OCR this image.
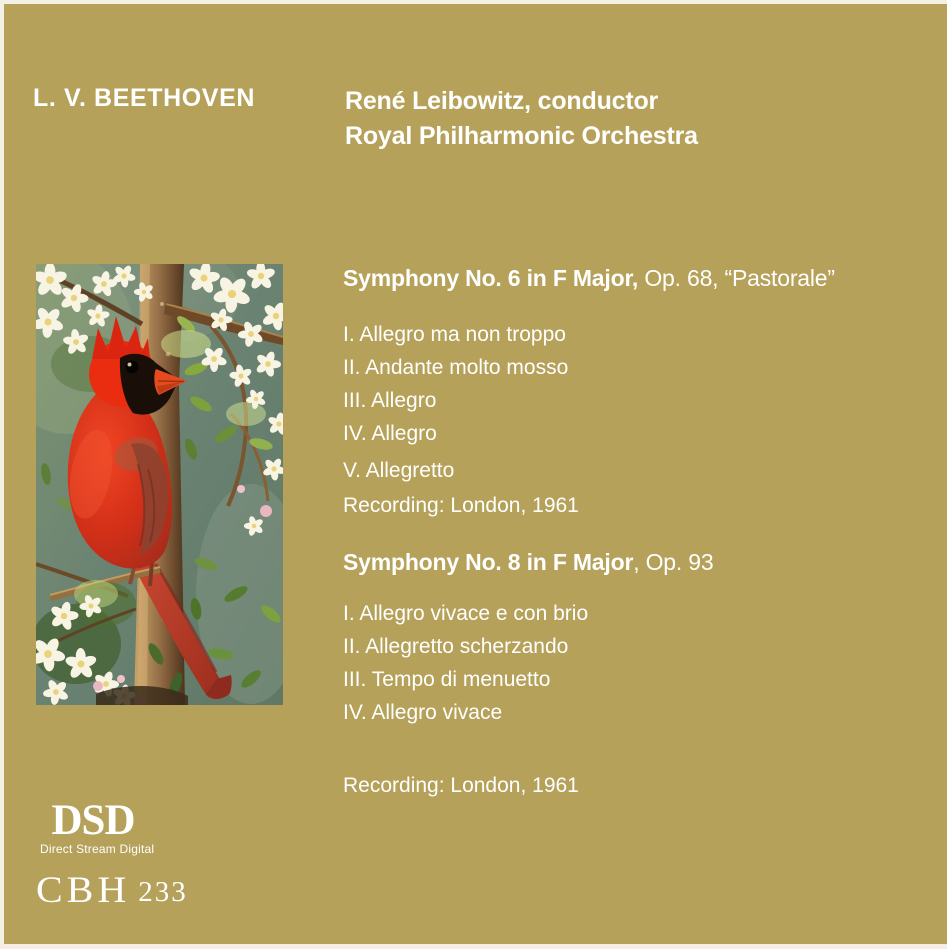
L. V. BEETHOVEN	René Leibowitz, conductor
Royal Philharmonic Orchestra
Symphony No. 6 in F Major, Op. 68, “Pastorale”
I. Allegro ma non troppo
II. Andante molto mosso
III. Allegro
IV. Allegro
V. Allegretto
Recording: London, 1961
Symphony No. 8 in F Major, Op. 93
I. Allegro vivace e con brio
II. Allegretto scherzando
III. Tempo di menuetto
IV. Allegro vivace
Recording: London, 1961
DSD
Direct Stream Digital
CBH 233
